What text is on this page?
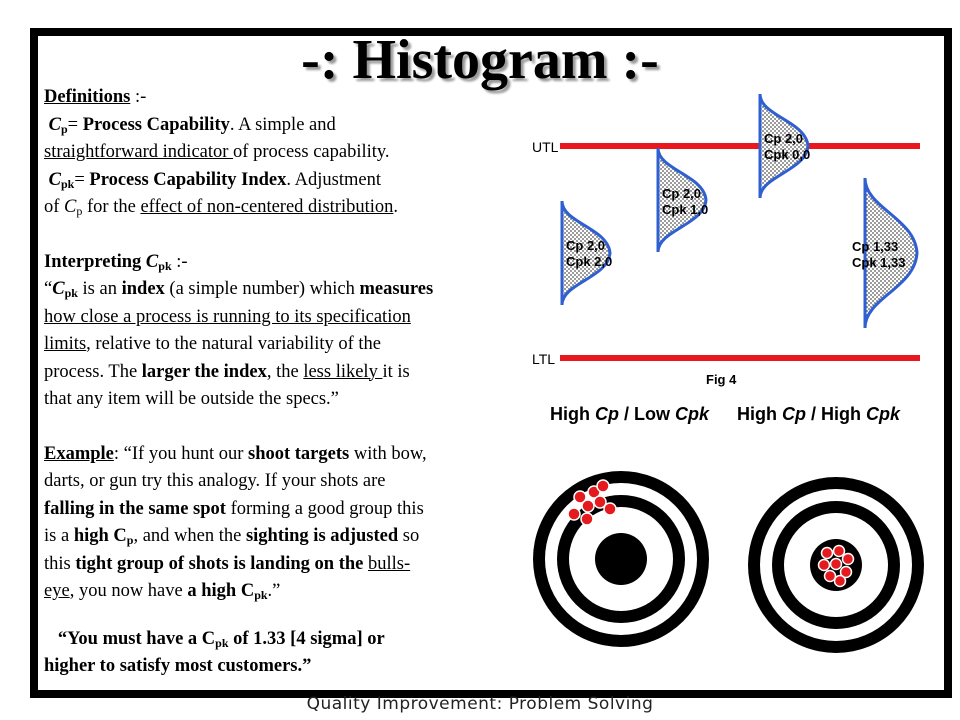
-: Histogram :-

Definitions :-

$C_p=$ Process Capability. A simple and

straightforward indicator of process capability.

$C_{pk}=$ Process Capability Index. Adjustment

of $C_p$ for the effect of non-centered distribution.

Interpreting $C_{pk}$ :-

“$C_{pk}$ is an index (a simple number) which measures

how close a process is running to its specification

limits, relative to the natural variability of the

process. The larger the index, the less likely it is

that any item will be outside the specs.”

Example: “If you hunt our shoot targets with bow,

darts, or gun try this analogy. If your shots are

falling in the same spot forming a good group this

is a high $C_p$, and when the sighting is adjusted so

this tight group of shots is landing on the bulls-

eye, you now have a high $C_{pk}$.”

“You must have a $C_{pk}$ of 1.33 [4 sigma] or

higher to satisfy most customers.”

UTL
LTL
Cp 2,0
Cpk 2,0
Cp 2,0
Cpk 1,0
Cp 2,0
Cpk 0,0
Cp 1,33
Cpk 1,33
Fig 4
High Cp / Low Cpk High Cp / High Cpk
Quality Improvement: Problem Solving
